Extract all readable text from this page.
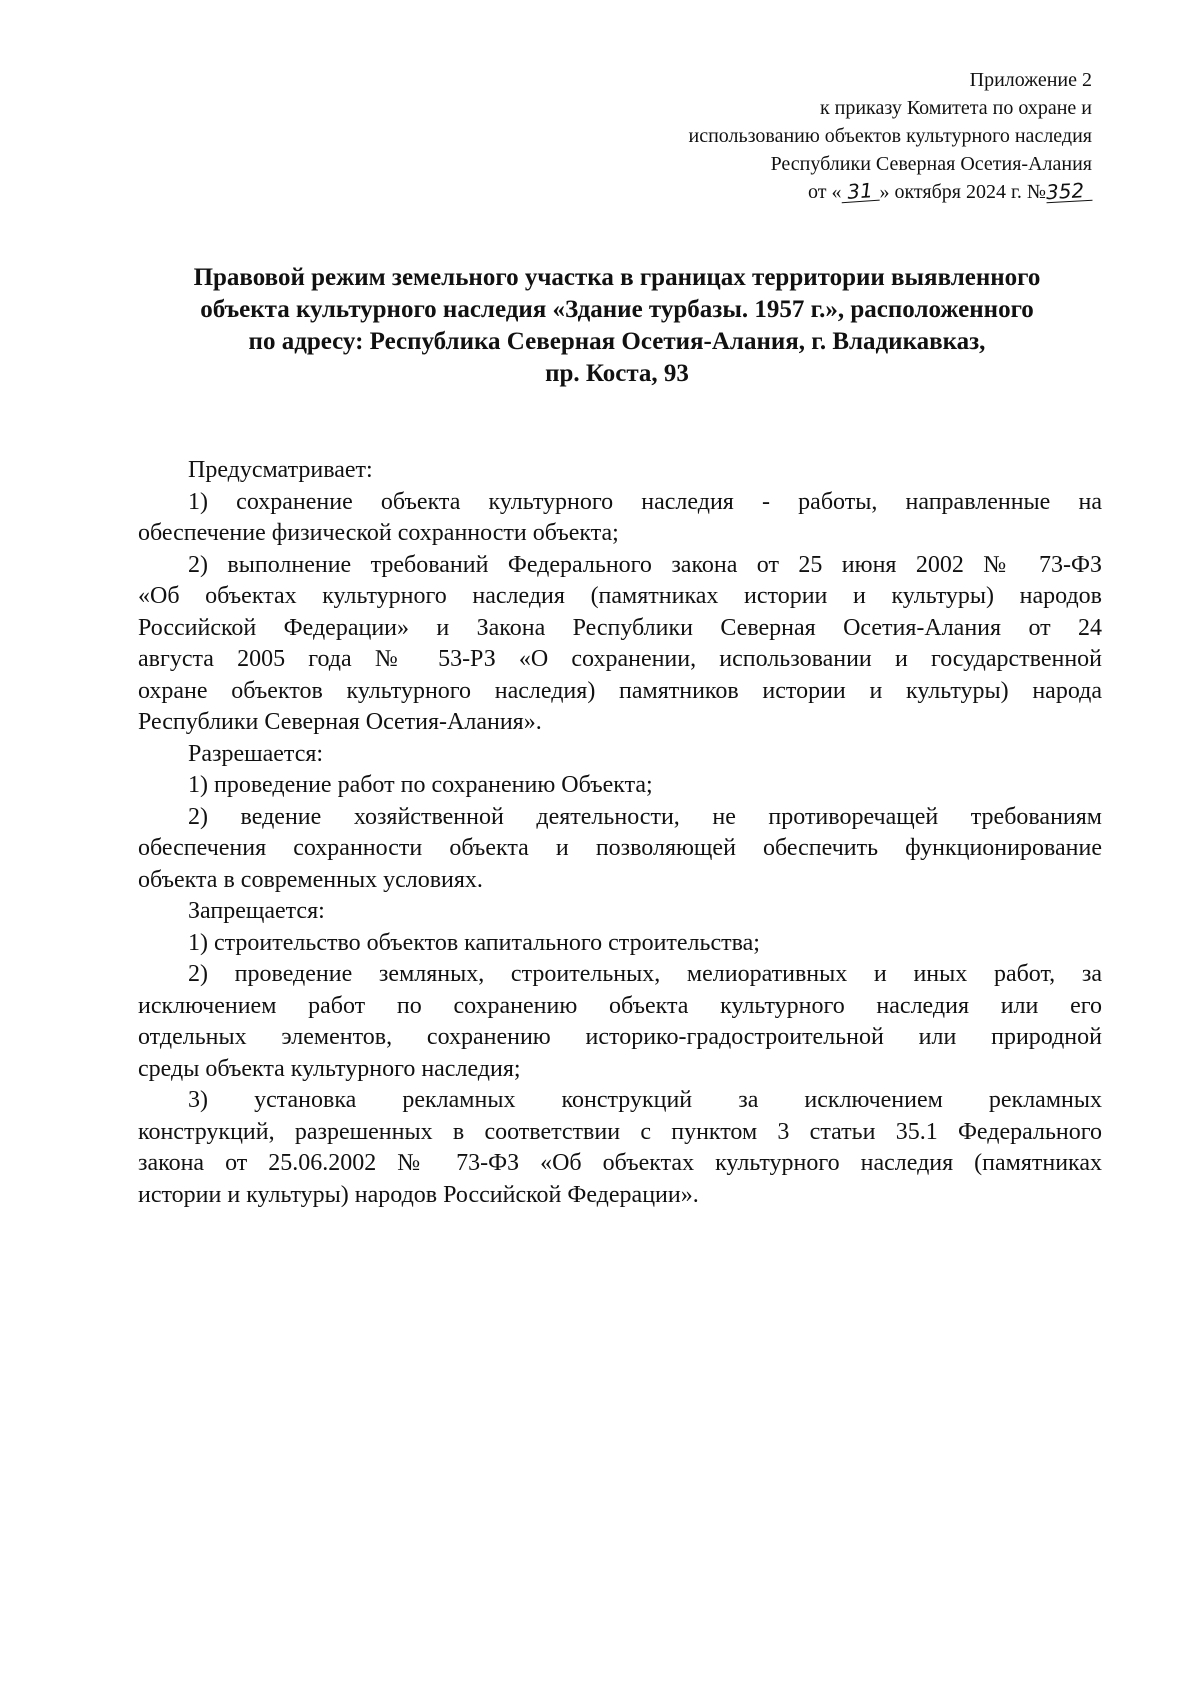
Приложение 2
к приказу Комитета по охране и
использованию объектов культурного наследия
Республики Северная Осетия-Алания
от « 31 » октября 2024 г. №352
Правовой режим земельного участка в границах территории выявленного
объекта культурного наследия «Здание турбазы. 1957 г.», расположенного
по адресу: Республика Северная Осетия-Алания, г. Владикавказ,
пр. Коста, 93
Предусматривает:
1) сохранение объекта культурного наследия - работы, направленные на
обеспечение физической сохранности объекта;
2) выполнение требований Федерального закона от 25 июня 2002 № 73-ФЗ
«Об объектах культурного наследия (памятниках истории и культуры) народов
Российской Федерации» и Закона Республики Северная Осетия-Алания от 24
августа 2005 года № 53-РЗ «О сохранении, использовании и государственной
охране объектов культурного наследия) памятников истории и культуры) народа
Республики Северная Осетия-Алания».
Разрешается:
1) проведение работ по сохранению Объекта;
2) ведение хозяйственной деятельности, не противоречащей требованиям
обеспечения сохранности объекта и позволяющей обеспечить функционирование
объекта в современных условиях.
Запрещается:
1) строительство объектов капитального строительства;
2) проведение земляных, строительных, мелиоративных и иных работ, за
исключением работ по сохранению объекта культурного наследия или его
отдельных элементов, сохранению историко-градостроительной или природной
среды объекта культурного наследия;
3) установка рекламных конструкций за исключением рекламных
конструкций, разрешенных в соответствии с пунктом 3 статьи 35.1 Федерального
закона от 25.06.2002 № 73-ФЗ «Об объектах культурного наследия (памятниках
истории и культуры) народов Российской Федерации».
